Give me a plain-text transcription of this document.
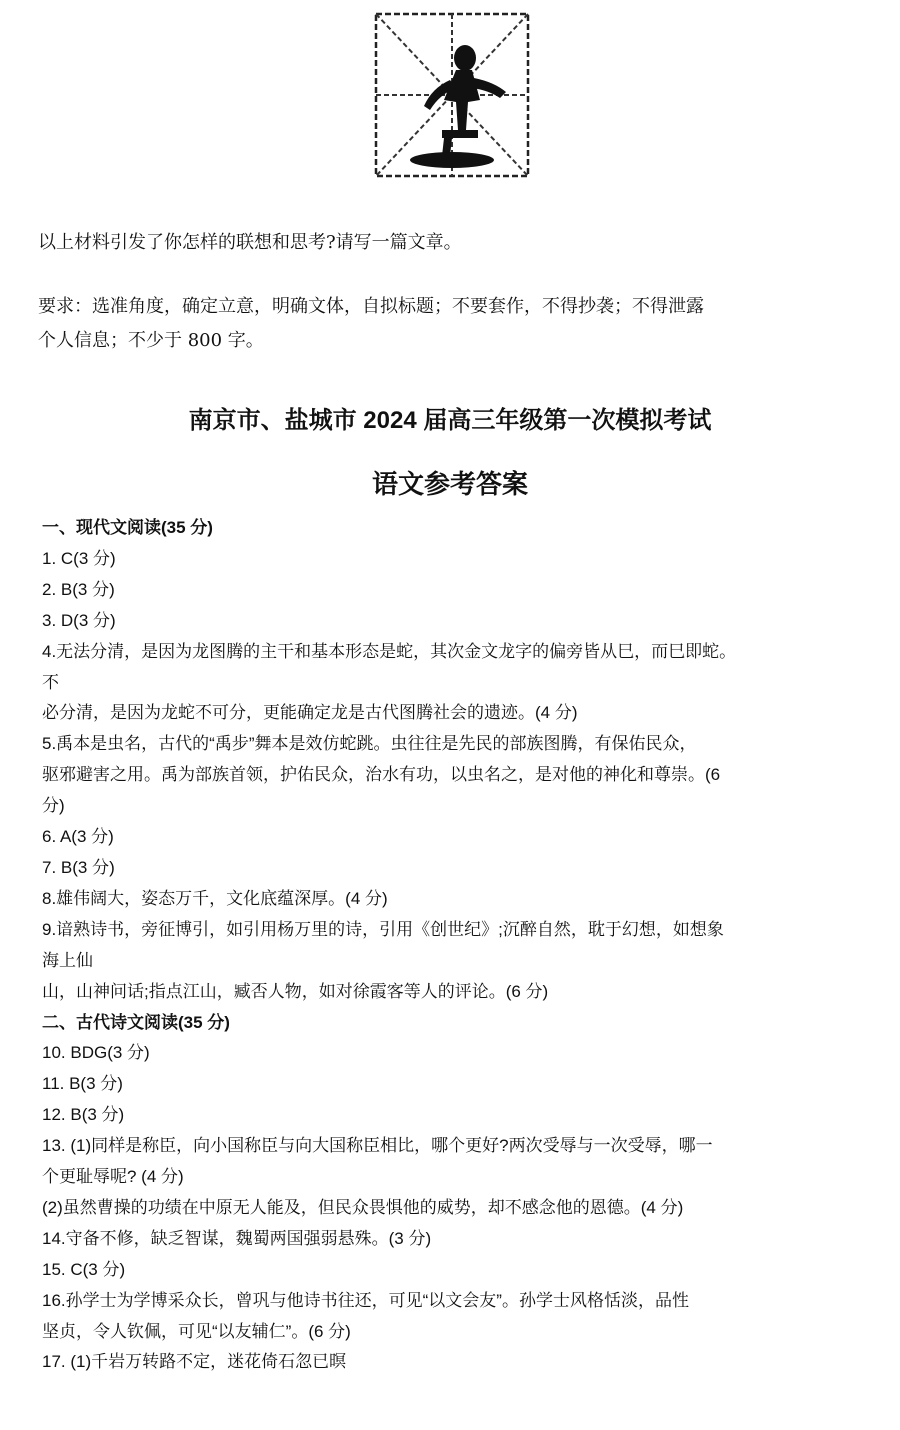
以上材料引发了你怎样的联想和思考?请写一篇文章。
要求：选准角度，确定立意，明确文体，自拟标题；不要套作，不得抄袭；不得泄露
个人信息；不少于 800 字。
南京市、盐城市 2024 届高三年级第一次模拟考试
语文参考答案
一、现代文阅读(35 分)
1. C(3 分)
2. B(3 分)
3. D(3 分)
4.无法分清，是因为龙图腾的主干和基本形态是蛇，其次金文龙字的偏旁皆从巳，而巳即蛇。
不
必分清，是因为龙蛇不可分，更能确定龙是古代图腾社会的遗迹。(4 分)
5.禹本是虫名，古代的“禹步”舞本是效仿蛇跳。虫往往是先民的部族图腾，有保佑民众，
驱邪避害之用。禹为部族首领，护佑民众，治水有功，以虫名之，是对他的神化和尊崇。(6
分)
6. A(3 分)
7. B(3 分)
8.雄伟阔大，姿态万千，文化底蕴深厚。(4 分)
9.谙熟诗书，旁征博引，如引用杨万里的诗，引用《创世纪》;沉醉自然，耽于幻想，如想象
海上仙
山，山神问话;指点江山，臧否人物，如对徐霞客等人的评论。(6 分)
二、古代诗文阅读(35 分)
10. BDG(3 分)
11. B(3 分)
12. B(3 分)
13. (1)同样是称臣，向小国称臣与向大国称臣相比，哪个更好?两次受辱与一次受辱，哪一
个更耻辱呢? (4 分)
(2)虽然曹操的功绩在中原无人能及，但民众畏惧他的威势，却不感念他的恩德。(4 分)
14.守备不修，缺乏智谋，魏蜀两国强弱悬殊。(3 分)
15. C(3 分)
16.孙学士为学博采众长，曾巩与他诗书往还，可见“以文会友”。孙学士风格恬淡，品性
坚贞，令人钦佩，可见“以友辅仁”。(6 分)
17. (1)千岩万转路不定，迷花倚石忽已暝
